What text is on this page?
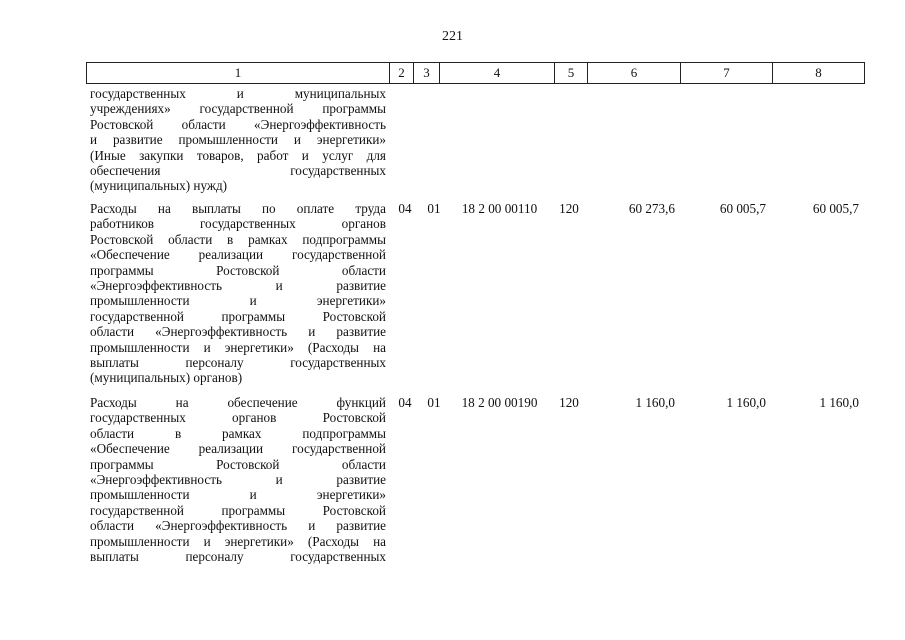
221
1	2	3	4	5	6	7	8
государственных и муниципальных
учреждениях» государственной программы
Ростовской области «Энергоэффективность
и развитие промышленности и энергетики»
(Иные закупки товаров, работ и услуг для
обеспечения государственных
(муниципальных) нужд)
Расходы на выплаты по оплате труда
работников государственных органов
Ростовской области в рамках подпрограммы
«Обеспечение реализации государственной
программы Ростовской области
«Энергоэффективность и развитие
промышленности и энергетики»
государственной программы Ростовской
области «Энергоэффективность и развитие
промышленности и энергетики» (Расходы на
выплаты персоналу государственных
(муниципальных) органов)
04	01	18 2 00 00110	120	60 273,6	60 005,7	60 005,7
Расходы на обеспечение функций
государственных органов Ростовской
области в рамках подпрограммы
«Обеспечение реализации государственной
программы Ростовской области
«Энергоэффективность и развитие
промышленности и энергетики»
государственной программы Ростовской
области «Энергоэффективность и развитие
промышленности и энергетики» (Расходы на
выплаты персоналу государственных
04	01	18 2 00 00190	120	1 160,0	1 160,0	1 160,0
